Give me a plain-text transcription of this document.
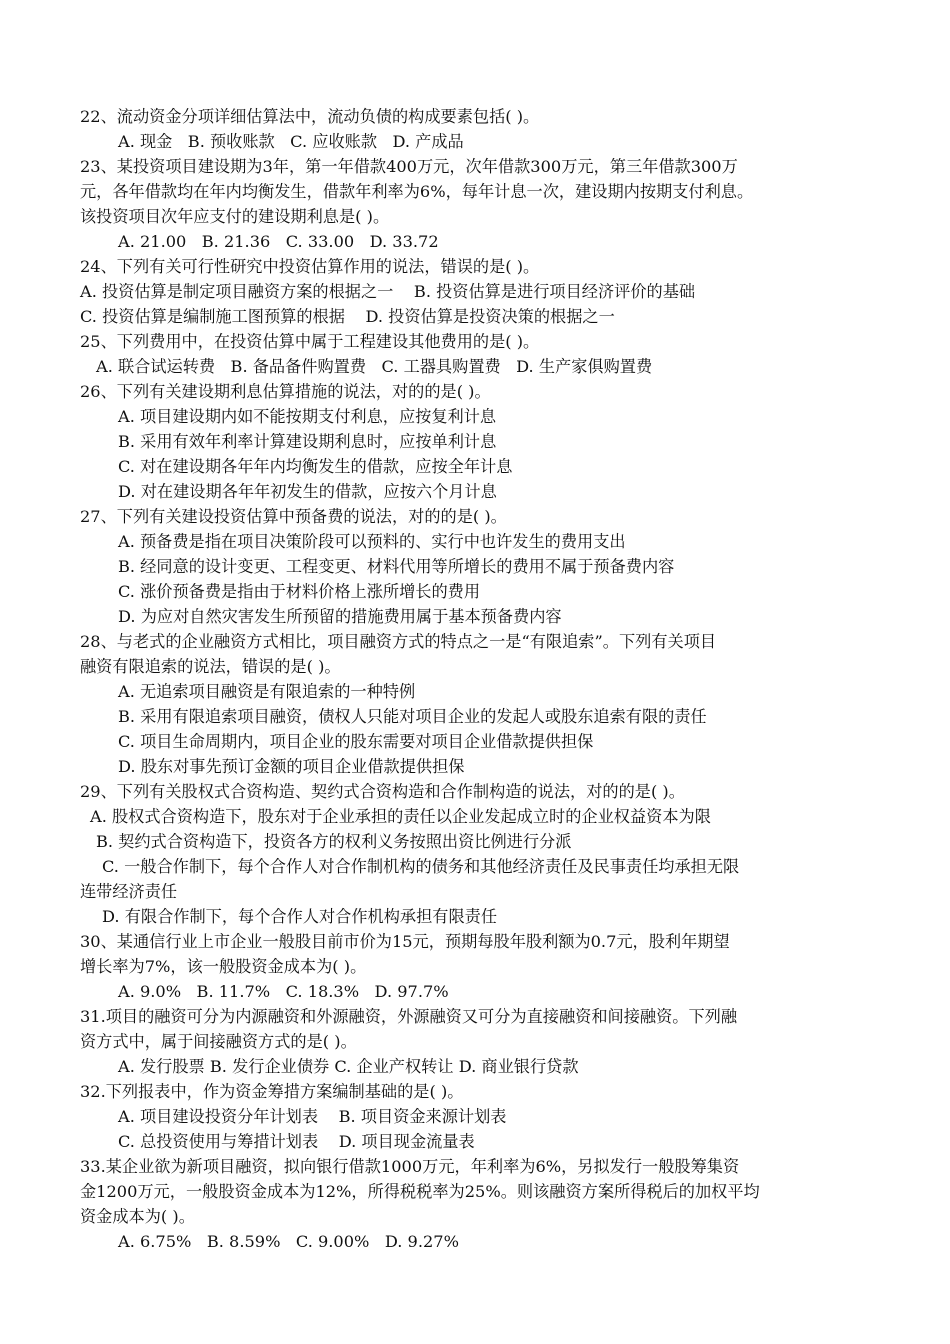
22、流动资金分项详细估算法中，流动负债的构成要素包括( )。
A. 现金   B. 预收账款   C. 应收账款   D. 产成品
23、某投资项目建设期为3年，第一年借款400万元，次年借款300万元，第三年借款300万
元，各年借款均在年内均衡发生，借款年利率为6%，每年计息一次，建设期内按期支付利息。
该投资项目次年应支付的建设期利息是( )。
A. 21.00   B. 21.36   C. 33.00   D. 33.72
24、下列有关可行性研究中投资估算作用的说法，错误的是( )。
A. 投资估算是制定项目融资方案的根据之一    B. 投资估算是进行项目经济评价的基础
C. 投资估算是编制施工图预算的根据    D. 投资估算是投资决策的根据之一
25、下列费用中，在投资估算中属于工程建设其他费用的是( )。
A. 联合试运转费   B. 备品备件购置费   C. 工器具购置费   D. 生产家俱购置费
26、下列有关建设期利息估算措施的说法，对的的是( )。
A. 项目建设期内如不能按期支付利息，应按复利计息
B. 采用有效年利率计算建设期利息时，应按单利计息
C. 对在建设期各年年内均衡发生的借款，应按全年计息
D. 对在建设期各年年初发生的借款，应按六个月计息
27、下列有关建设投资估算中预备费的说法，对的的是( )。
A. 预备费是指在项目决策阶段可以预料的、实行中也许发生的费用支出
B. 经同意的设计变更、工程变更、材料代用等所增长的费用不属于预备费内容
C. 涨价预备费是指由于材料价格上涨所增长的费用
D. 为应对自然灾害发生所预留的措施费用属于基本预备费内容
28、与老式的企业融资方式相比，项目融资方式的特点之一是“有限追索”。下列有关项目
融资有限追索的说法，错误的是( )。
A. 无追索项目融资是有限追索的一种特例
B. 采用有限追索项目融资，债权人只能对项目企业的发起人或股东追索有限的责任
C. 项目生命周期内，项目企业的股东需要对项目企业借款提供担保
D. 股东对事先预订金额的项目企业借款提供担保
29、下列有关股权式合资构造、契约式合资构造和合作制构造的说法，对的的是( )。
A. 股权式合资构造下，股东对于企业承担的责任以企业发起成立时的企业权益资本为限
B. 契约式合资构造下，投资各方的权利义务按照出资比例进行分派
C. 一般合作制下，每个合作人对合作制机构的债务和其他经济责任及民事责任均承担无限
连带经济责任
D. 有限合作制下，每个合作人对合作机构承担有限责任
30、某通信行业上市企业一般股目前市价为15元，预期每股年股利额为0.7元，股利年期望
增长率为7%，该一般股资金成本为( )。
A. 9.0%   B. 11.7%   C. 18.3%   D. 97.7%
31.项目的融资可分为内源融资和外源融资，外源融资又可分为直接融资和间接融资。下列融
资方式中，属于间接融资方式的是( )。
A. 发行股票 B. 发行企业债券 C. 企业产权转让 D. 商业银行贷款
32.下列报表中，作为资金筹措方案编制基础的是( )。
A. 项目建设投资分年计划表    B. 项目资金来源计划表
C. 总投资使用与筹措计划表    D. 项目现金流量表
33.某企业欲为新项目融资，拟向银行借款1000万元，年利率为6%，另拟发行一般股筹集资
金1200万元，一般股资金成本为12%，所得税税率为25%。则该融资方案所得税后的加权平均
资金成本为( )。
A. 6.75%   B. 8.59%   C. 9.00%   D. 9.27%
